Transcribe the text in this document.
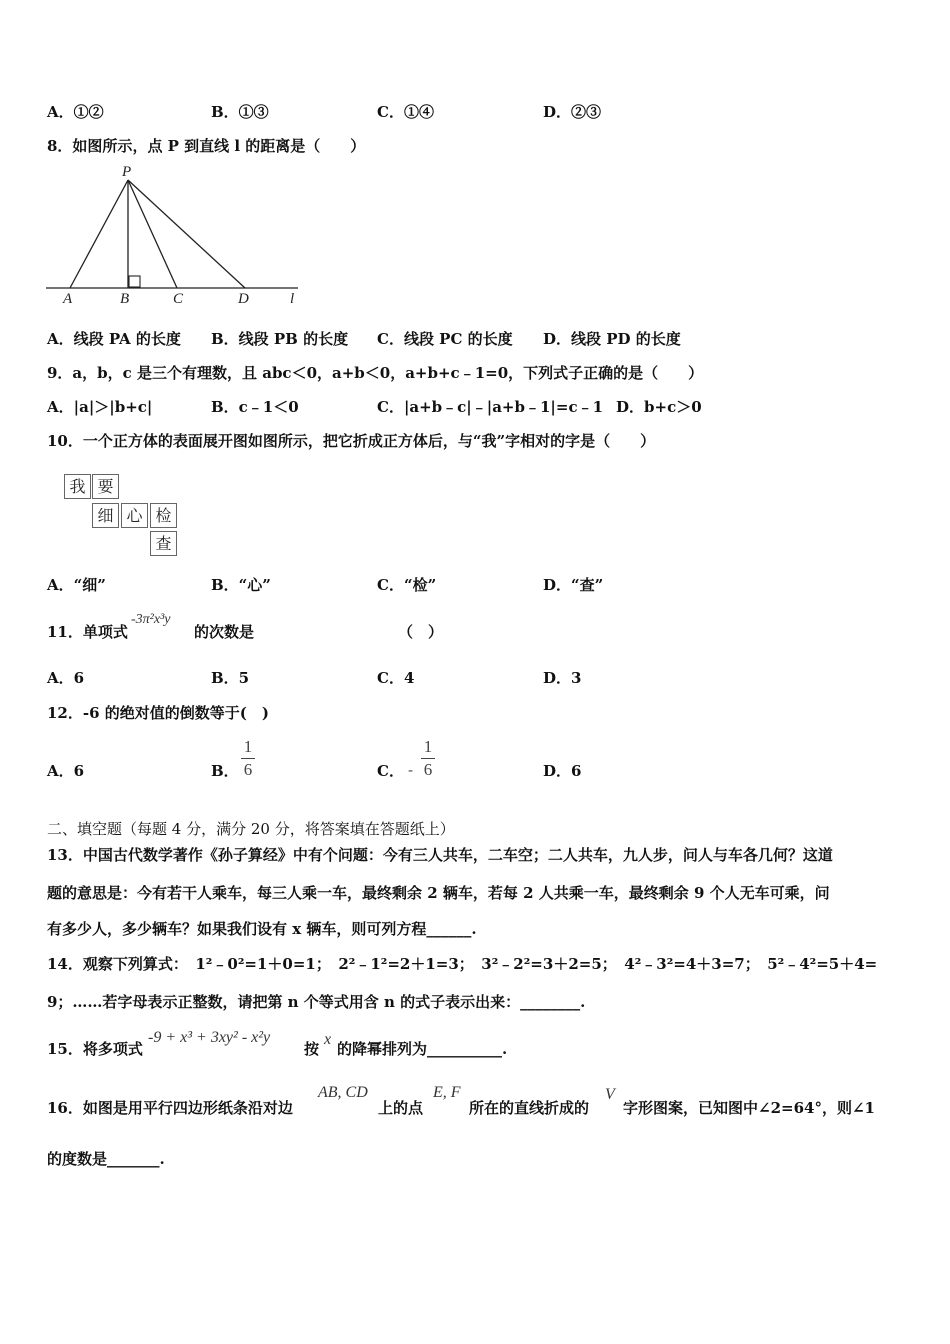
A．①②	B．①③	C．①④	D．②③
8．如图所示，点 P 到直线 l 的距离是（　　）
P
A	B	C	D	l
A．线段 PA 的长度 B．线段 PB 的长度 C．线段 PC 的长度 D．线段 PD 的长度
9．a，b，c 是三个有理数，且 abc＜0，a+b＜0，a+b+c﹣1=0，下列式子正确的是（　　）
A．|a|＞|b+c|	B．c﹣1＜0	C．|a+b﹣c|﹣|a+b﹣1|=c﹣1 D．b+c＞0
10．一个正方体的表面展开图如图所示，把它折成正方体后，与“我”字相对的字是（　　）
我 要
细 心 检
查
A．“细”	B．“心”	C．“检”	D．“查”
11．单项式
-3π²x³y
的次数是	（　）
A．6	B．5	C．4	D．3
12．-6 的绝对值的倒数等于(　)
A．6	B．
1
6	C． -
1
6	D．6
二、填空题（每题 4 分，满分 20 分，将答案填在答题纸上）
13．中国古代数学著作《孙子算经》中有个问题：今有三人共车，二车空；二人共车，九人步，问人与车各几何？这道
题的意思是：今有若干人乘车，每三人乘一车，最终剩余 2 辆车，若每 2 人共乘一车，最终剩余 9 个人无车可乘，问
有多少人，多少辆车？如果我们设有 x 辆车，则可列方程______.
14．观察下列算式：　1²﹣0²=1＋0=1；　2²﹣1²=2＋1=3；　3²﹣2²=3＋2=5；　4²﹣3²=4＋3=7；　5²﹣4²=5＋4=
9；……若字母表示正整数，请把第 n 个等式用含 n 的式子表示出来：________.
15．将多项式
-9 + x³ + 3xy² - x²y
按
x
的降幂排列为__________.
16．如图是用平行四边形纸条沿对边
AB, CD
上的点
E, F
所在的直线折成的
V
字形图案，已知图中∠2=64°，则∠1
的度数是_______.
